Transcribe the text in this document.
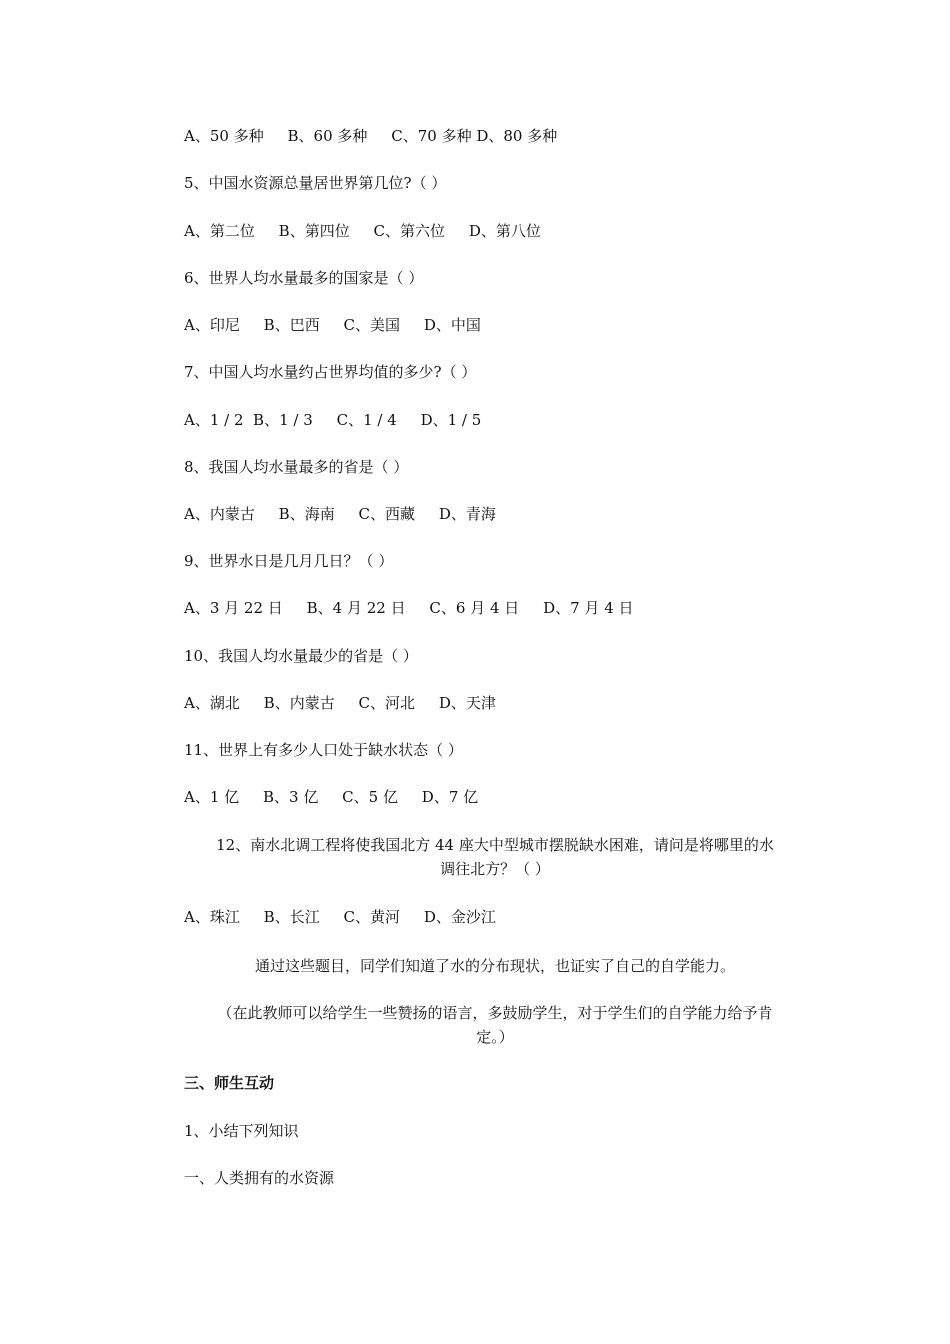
A、50 多种     B、60 多种     C、70 多种 D、80 多种
5、中国水资源总量居世界第几位?（ ）
A、第二位     B、第四位     C、第六位     D、第八位
6、世界人均水量最多的国家是（ ）
A、印尼     B、巴西     C、美国     D、中国
7、中国人均水量约占世界均值的多少?（ ）
A、1 / 2  B、1 / 3     C、1 / 4     D、1 / 5
8、我国人均水量最多的省是（ ）
A、内蒙古     B、海南     C、西藏     D、青海
9、世界水日是几月几日？（ ）
A、3 月 22 日     B、4 月 22 日     C、6 月 4 日     D、7 月 4 日
10、我国人均水量最少的省是（ ）
A、湖北     B、内蒙古     C、河北     D、天津
11、世界上有多少人口处于缺水状态（ ）
A、1 亿     B、3 亿     C、5 亿     D、7 亿
12、南水北调工程将使我国北方 44 座大中型城市摆脱缺水困难，请问是将哪里的水
调往北方？（ ）
A、珠江     B、长江     C、黄河     D、金沙江
通过这些题目，同学们知道了水的分布现状，也证实了自己的自学能力。
（在此教师可以给学生一些赞扬的语言，多鼓励学生，对于学生们的自学能力给予肯
定。）
三、师生互动
1、小结下列知识
一、人类拥有的水资源
